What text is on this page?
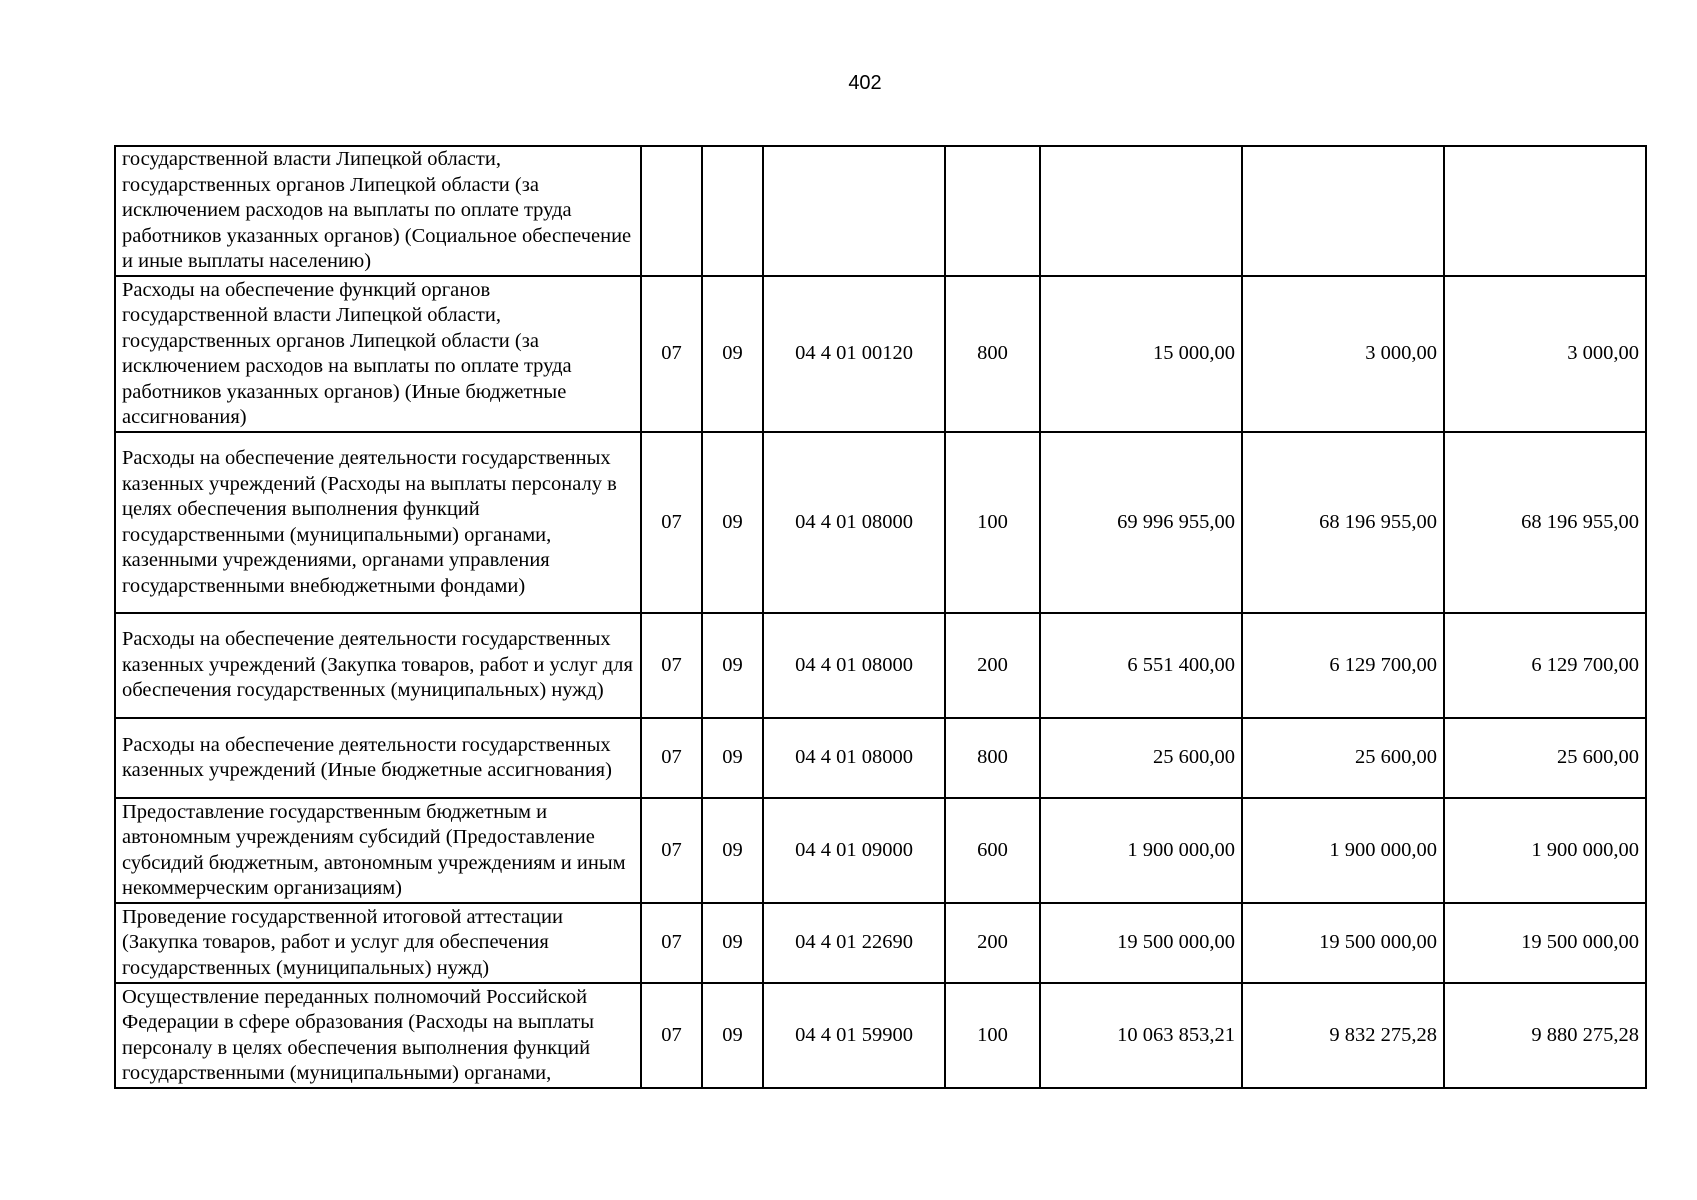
402
государственной власти Липецкой области, государственных органов Липецкой области (за исключением расходов на выплаты по оплате труда работников указанных органов) (Социальное обеспечение и иные выплаты населению)							
Расходы на обеспечение функций органов государственной власти Липецкой области, государственных органов Липецкой области (за исключением расходов на выплаты по оплате труда работников указанных органов) (Иные бюджетные ассигнования)	07	09	04 4 01 00120	800	15 000,00	3 000,00	3 000,00
Расходы на обеспечение деятельности государственных казенных учреждений (Расходы на выплаты персоналу в целях обеспечения выполнения функций государственными (муниципальными) органами, казенными учреждениями, органами управления государственными внебюджетными фондами)	07	09	04 4 01 08000	100	69 996 955,00	68 196 955,00	68 196 955,00
Расходы на обеспечение деятельности государственных казенных учреждений (Закупка товаров, работ и услуг для обеспечения государственных (муниципальных) нужд)	07	09	04 4 01 08000	200	6 551 400,00	6 129 700,00	6 129 700,00
Расходы на обеспечение деятельности государственных казенных учреждений (Иные бюджетные ассигнования)	07	09	04 4 01 08000	800	25 600,00	25 600,00	25 600,00
Предоставление государственным бюджетным и автономным учреждениям субсидий (Предоставление субсидий бюджетным, автономным учреждениям и иным некоммерческим организациям)	07	09	04 4 01 09000	600	1 900 000,00	1 900 000,00	1 900 000,00
Проведение государственной итоговой аттестации (Закупка товаров, работ и услуг для обеспечения государственных (муниципальных) нужд)	07	09	04 4 01 22690	200	19 500 000,00	19 500 000,00	19 500 000,00
Осуществление переданных полномочий Российской Федерации в сфере образования (Расходы на выплаты персоналу в целях обеспечения выполнения функций государственными (муниципальными) органами,	07	09	04 4 01 59900	100	10 063 853,21	9 832 275,28	9 880 275,28
